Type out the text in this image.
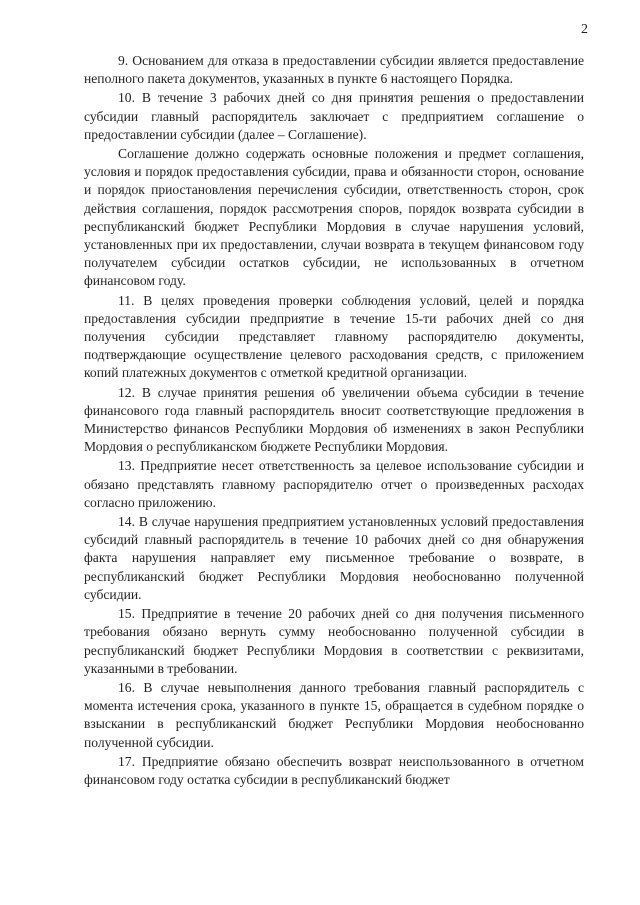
2

9. Основанием для отказа в предоставлении субсидии является предоставление неполного пакета документов, указанных в пункте 6 настоящего Порядка.

10. В течение 3 рабочих дней со дня принятия решения о предоставлении субсидии главный распорядитель заключает с предприятием соглашение о предоставлении субсидии (далее – Соглашение).

Соглашение должно содержать основные положения и предмет соглашения, условия и порядок предоставления субсидии, права и обязанности сторон, основание и порядок приостановления перечисления субсидии, ответственность сторон, срок действия соглашения, порядок рассмотрения споров, порядок возврата субсидии в республиканский бюджет Республики Мордовия в случае нарушения условий, установленных при их предоставлении, случаи возврата в текущем финансовом году получателем субсидии остатков субсидии, не использованных в отчетном финансовом году.

11. В целях проведения проверки соблюдения условий, целей и порядка предоставления субсидии предприятие в течение 15-ти рабочих дней со дня получения субсидии представляет главному распорядителю документы, подтверждающие осуществление целевого расходования средств, с приложением копий платежных документов с отметкой кредитной организации.

12. В случае принятия решения об увеличении объема субсидии в течение финансового года главный распорядитель вносит соответствующие предложения в Министерство финансов Республики Мордовия об изменениях в закон Республики Мордовия о республиканском бюджете Республики Мордовия.

13. Предприятие несет ответственность за целевое использование субсидии и обязано представлять главному распорядителю отчет о произведенных расходах согласно приложению.

14. В случае нарушения предприятием установленных условий предоставления субсидий главный распорядитель в течение 10 рабочих дней со дня обнаружения факта нарушения направляет ему письменное требование о возврате, в республиканский бюджет Республики Мордовия необоснованно полученной субсидии.

15. Предприятие в течение 20 рабочих дней со дня получения письменного требования обязано вернуть сумму необоснованно полученной субсидии в республиканский бюджет Республики Мордовия в соответствии с реквизитами, указанными в требовании.

16. В случае невыполнения данного требования главный распорядитель с момента истечения срока, указанного в пункте 15, обращается в судебном порядке о взыскании в республиканский бюджет Республики Мордовия необоснованно полученной субсидии.

17. Предприятие обязано обеспечить возврат неиспользованного в отчетном финансовом году остатка субсидии в республиканский бюджет
